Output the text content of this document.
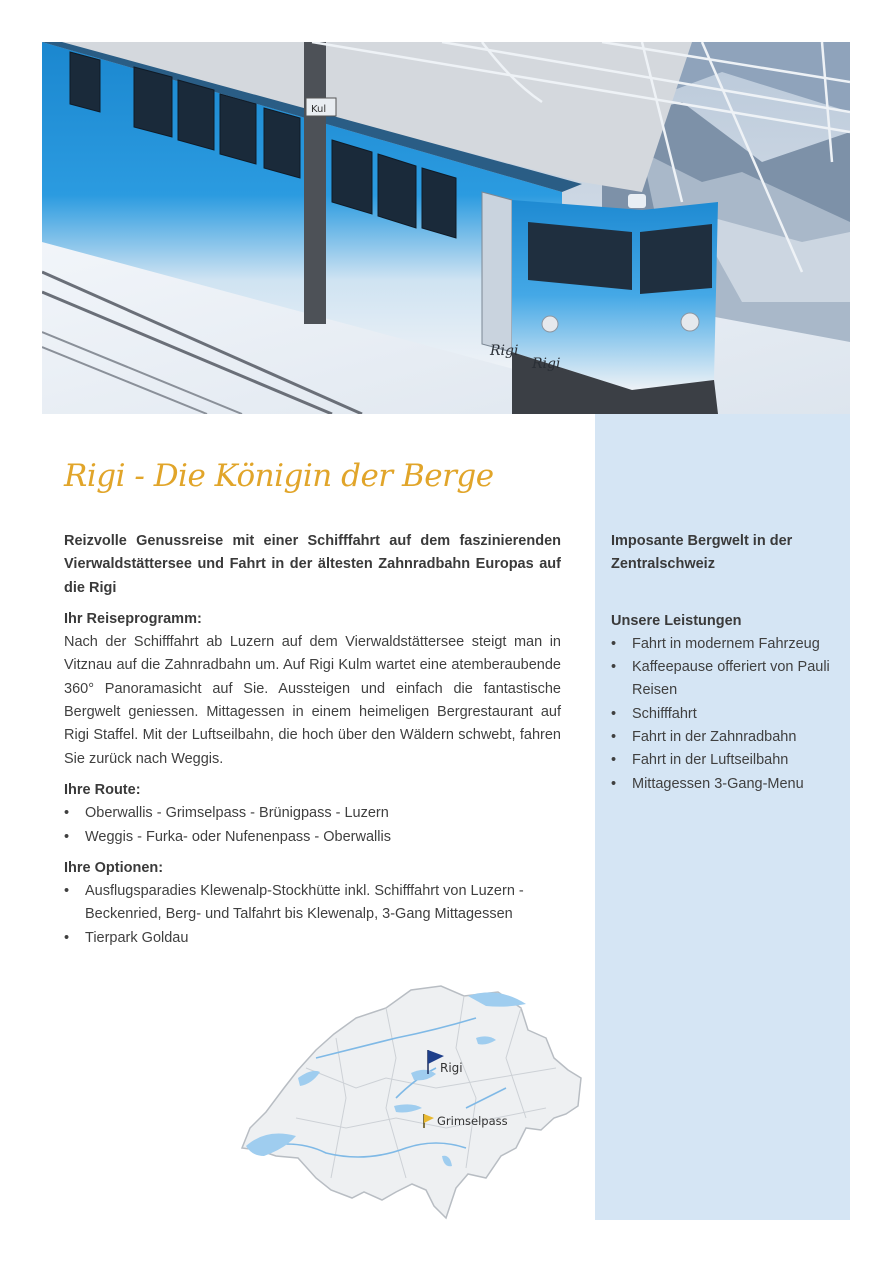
Rigi
Rigi
Kul
Rigi - Die Königin der Berge

Reizvolle Genussreise mit einer Schifffahrt auf dem faszinierenden Vierwaldstättersee und Fahrt in der ältesten Zahnradbahn Europas auf die Rigi

Ihr Reiseprogramm:

Nach der Schifffahrt ab Luzern auf dem Vierwaldstättersee steigt man in Vitznau auf die Zahnradbahn um. Auf Rigi Kulm wartet eine atemberaubende 360° Panoramasicht auf Sie. Aussteigen und einfach die fantastische Bergwelt geniessen. Mittagessen in einem heimeligen Bergrestaurant auf Rigi Staffel. Mit der Luftseilbahn, die hoch über den Wäldern schwebt, fahren Sie zurück nach Weggis.

Ihre Route:

• Oberwallis - Grimselpass - Brünigpass - Luzern
• Weggis - Furka- oder Nufenenpass - Oberwallis

Ihre Optionen:

• Ausflugsparadies Klewenalp-Stockhütte inkl. Schifffahrt von Luzern - Beckenried, Berg- und Talfahrt bis Klewenalp, 3-Gang Mittagessen
• Tierpark Goldau

Imposante Bergwelt in der Zentralschweiz

Unsere Leistungen

• Fahrt in modernem Fahrzeug
• Kaffeepause offeriert von Pauli Reisen
• Schifffahrt
• Fahrt in der Zahnradbahn
• Fahrt in der Luftseilbahn
• Mittagessen 3-Gang-Menu
Rigi
Grimselpass
